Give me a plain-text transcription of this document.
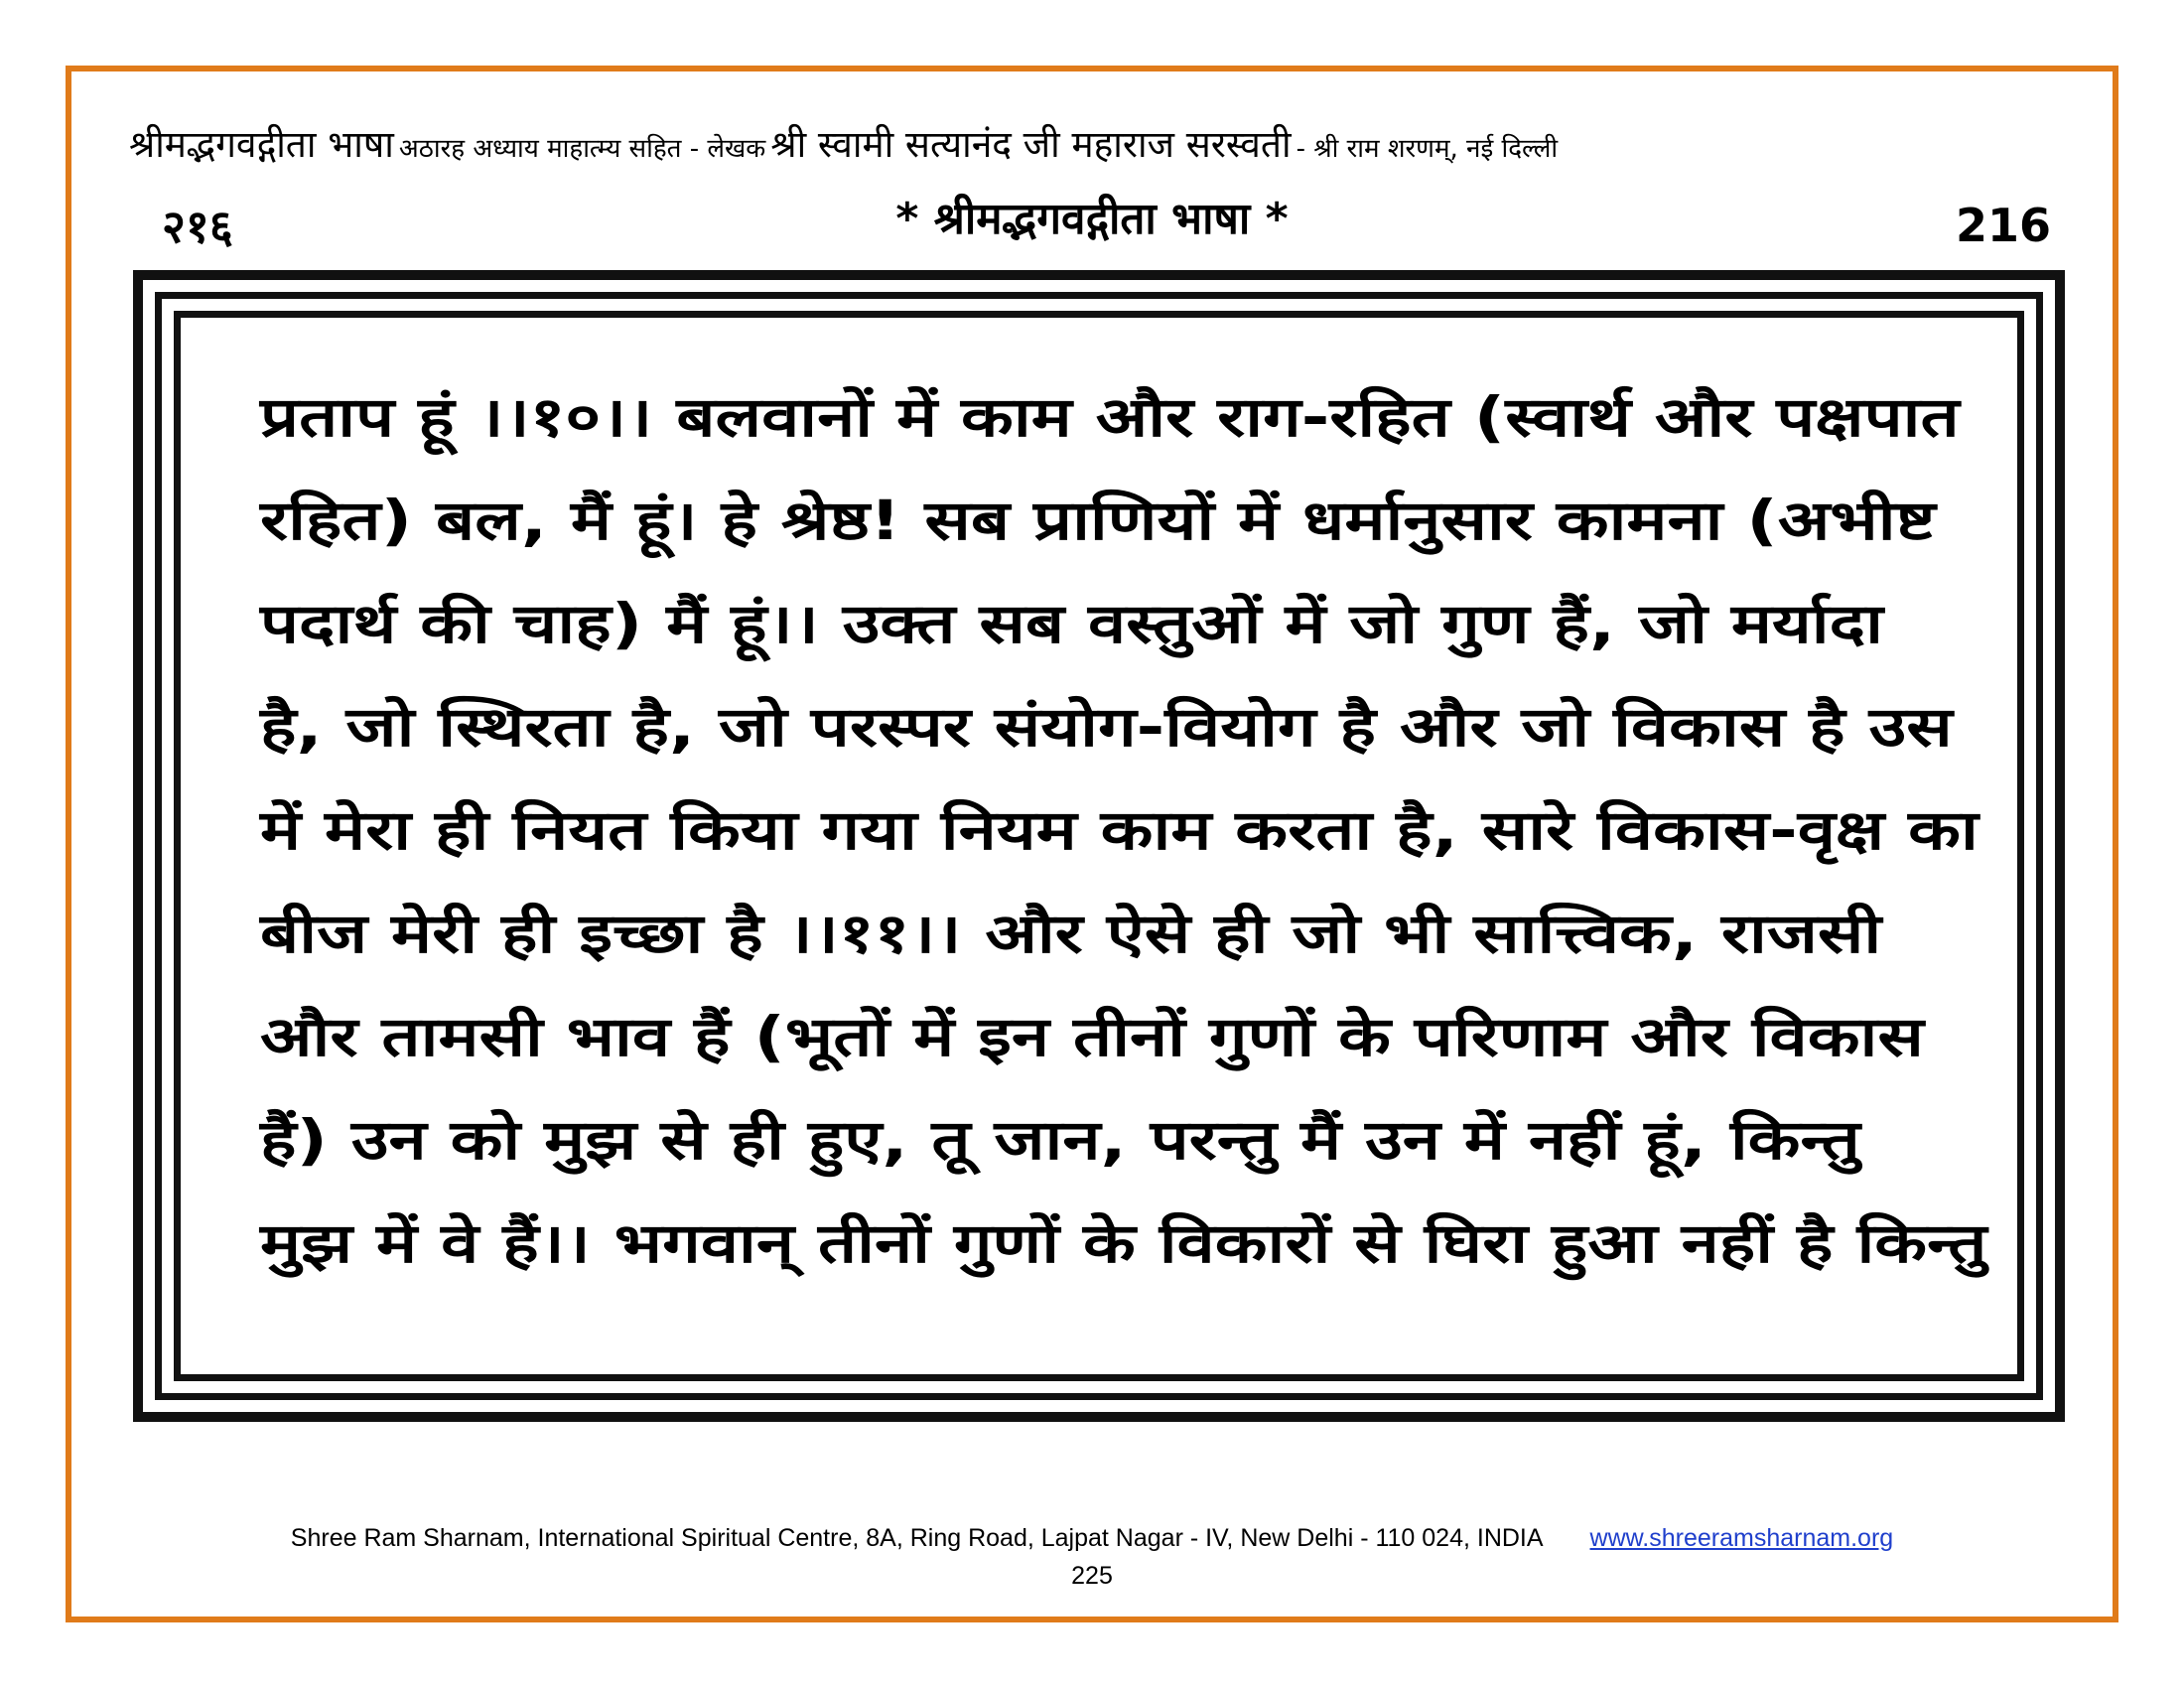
श्रीमद्भगवद्गीता भाषा अठारह अध्याय माहात्म्य सहित - लेखक श्री स्वामी सत्यानंद जी महाराज सरस्वती - श्री राम शरणम्, नई दिल्ली
२१६	* श्रीमद्भगवद्गीता भाषा *	216
प्रताप हूं ।।१०।। बलवानों में काम और राग-रहित (स्वार्थ और पक्षपात
रहित) बल, मैं हूं। हे श्रेष्ठ! सब प्राणियों में धर्मानुसार कामना (अभीष्ट
पदार्थ की चाह) मैं हूं।। उक्त सब वस्तुओं में जो गुण हैं, जो मर्यादा
है, जो स्थिरता है, जो परस्पर संयोग-वियोग है और जो विकास है उस
में मेरा ही नियत किया गया नियम काम करता है, सारे विकास-वृक्ष का
बीज मेरी ही इच्छा है ।।११।। और ऐसे ही जो भी सात्त्विक, राजसी
और तामसी भाव हैं (भूतों में इन तीनों गुणों के परिणाम और विकास
हैं) उन को मुझ से ही हुए, तू जान, परन्तु मैं उन में नहीं हूं, किन्तु
मुझ में वे हैं।। भगवान् तीनों गुणों के विकारों से घिरा हुआ नहीं है किन्तु
Shree Ram Sharnam, International Spiritual Centre, 8A, Ring Road, Lajpat Nagar - IV, New Delhi - 110 024, INDIA www.shreeramsharnam.org
225
